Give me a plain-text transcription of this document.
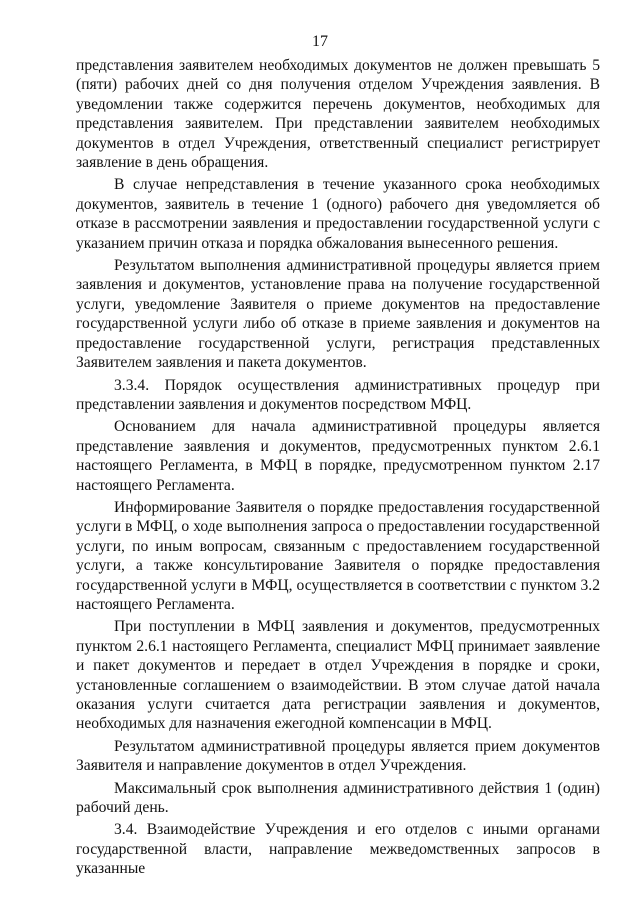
17

представления заявителем необходимых документов не должен превышать 5 (пяти) рабочих дней со дня получения отделом Учреждения заявления. В уведомлении также содержится перечень документов, необходимых для представления заявителем. При представлении заявителем необходимых документов в отдел Учреждения, ответственный специалист регистрирует заявление в день обращения.

В случае непредставления в течение указанного срока необходимых документов, заявитель в течение 1 (одного) рабочего дня уведомляется об отказе в рассмотрении заявления и предоставлении государственной услуги с указанием причин отказа и порядка обжалования вынесенного решения.

Результатом выполнения административной процедуры является прием заявления и документов, установление права на получение государственной услуги, уведомление Заявителя о приеме документов на предоставление государственной услуги либо об отказе в приеме заявления и документов на предоставление государственной услуги, регистрация представленных Заявителем заявления и пакета документов.

3.3.4. Порядок осуществления административных процедур при представлении заявления и документов посредством МФЦ.

Основанием для начала административной процедуры является представление заявления и документов, предусмотренных пунктом 2.6.1 настоящего Регламента, в МФЦ в порядке, предусмотренном пунктом 2.17 настоящего Регламента.

Информирование Заявителя о порядке предоставления государственной услуги в МФЦ, о ходе выполнения запроса о предоставлении государственной услуги, по иным вопросам, связанным с предоставлением государственной услуги, а также консультирование Заявителя о порядке предоставления государственной услуги в МФЦ, осуществляется в соответствии с пунктом 3.2 настоящего Регламента.

При поступлении в МФЦ заявления и документов, предусмотренных пунктом 2.6.1 настоящего Регламента, специалист МФЦ принимает заявление и пакет документов и передает в отдел Учреждения в порядке и сроки, установленные соглашением о взаимодействии. В этом случае датой начала оказания услуги считается дата регистрации заявления и документов, необходимых для назначения ежегодной компенсации в МФЦ.

Результатом административной процедуры является прием документов Заявителя и направление документов в отдел Учреждения.

Максимальный срок выполнения административного действия 1 (один) рабочий день.

3.4. Взаимодействие Учреждения и его отделов с иными органами государственной власти, направление межведомственных запросов в указанные
